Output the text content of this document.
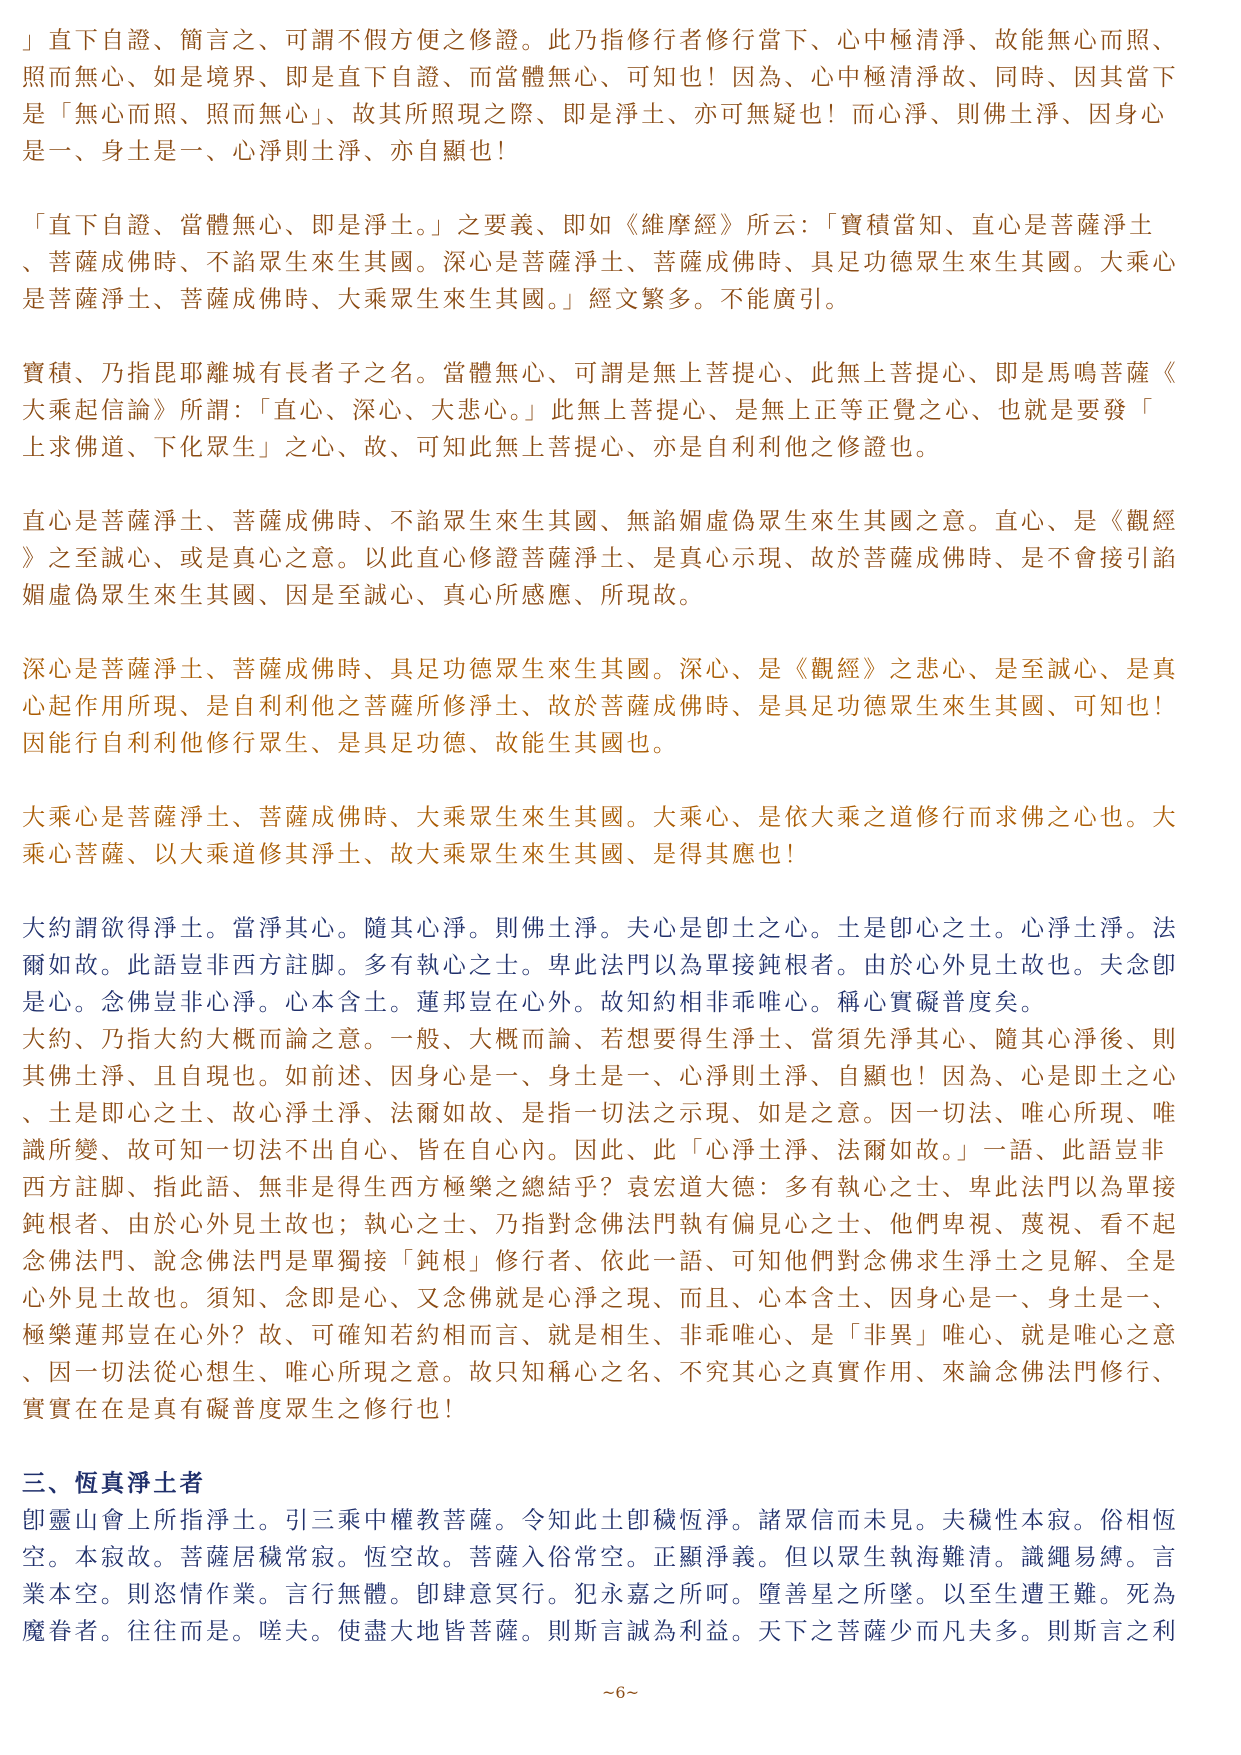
」直下自證、簡言之、可謂不假方便之修證。此乃指修行者修行當下、心中極清淨、故能無心而照、
照而無心、如是境界、即是直下自證、而當體無心、可知也！因為、心中極清淨故、同時、因其當下
是「無心而照、照而無心」、故其所照現之際、即是淨土、亦可無疑也！而心淨、則佛土淨、因身心
是一、身土是一、心淨則土淨、亦自顯也！
「直下自證、當體無心、即是淨土。」之要義、即如《維摩經》所云：「寶積當知、直心是菩薩淨土
、菩薩成佛時、不諂眾生來生其國。深心是菩薩淨土、菩薩成佛時、具足功德眾生來生其國。大乘心
是菩薩淨土、菩薩成佛時、大乘眾生來生其國。」經文繁多。不能廣引。
寶積、乃指毘耶離城有長者子之名。當體無心、可謂是無上菩提心、此無上菩提心、即是馬鳴菩薩《
大乘起信論》所謂：「直心、深心、大悲心。」此無上菩提心、是無上正等正覺之心、也就是要發「
上求佛道、下化眾生」之心、故、可知此無上菩提心、亦是自利利他之修證也。
直心是菩薩淨土、菩薩成佛時、不諂眾生來生其國、無諂媚虛偽眾生來生其國之意。直心、是《觀經
》之至誠心、或是真心之意。以此直心修證菩薩淨土、是真心示現、故於菩薩成佛時、是不會接引諂
媚虛偽眾生來生其國、因是至誠心、真心所感應、所現故。
深心是菩薩淨土、菩薩成佛時、具足功德眾生來生其國。深心、是《觀經》之悲心、是至誠心、是真
心起作用所現、是自利利他之菩薩所修淨土、故於菩薩成佛時、是具足功德眾生來生其國、可知也！
因能行自利利他修行眾生、是具足功德、故能生其國也。
大乘心是菩薩淨土、菩薩成佛時、大乘眾生來生其國。大乘心、是依大乘之道修行而求佛之心也。大
乘心菩薩、以大乘道修其淨土、故大乘眾生來生其國、是得其應也！
大約謂欲得淨土。當淨其心。隨其心淨。則佛土淨。夫心是卽土之心。土是卽心之土。心淨土淨。法
爾如故。此語豈非西方註脚。多有執心之士。卑此法門以為單接鈍根者。由於心外見土故也。夫念卽
是心。念佛豈非心淨。心本含土。蓮邦豈在心外。故知約相非乖唯心。稱心實礙普度矣。
大約、乃指大約大概而論之意。一般、大概而論、若想要得生淨土、當須先淨其心、隨其心淨後、則
其佛土淨、且自現也。如前述、因身心是一、身土是一、心淨則土淨、自顯也！因為、心是即土之心
、土是即心之土、故心淨土淨、法爾如故、是指一切法之示現、如是之意。因一切法、唯心所現、唯
識所變、故可知一切法不出自心、皆在自心內。因此、此「心淨土淨、法爾如故。」一語、此語豈非
西方註脚、指此語、無非是得生西方極樂之總結乎？袁宏道大德：多有執心之士、卑此法門以為單接
鈍根者、由於心外見土故也；執心之士、乃指對念佛法門執有偏見心之士、他們卑視、蔑視、看不起
念佛法門、說念佛法門是單獨接「鈍根」修行者、依此一語、可知他們對念佛求生淨土之見解、全是
心外見土故也。須知、念即是心、又念佛就是心淨之現、而且、心本含土、因身心是一、身土是一、
極樂蓮邦豈在心外？故、可確知若約相而言、就是相生、非乖唯心、是「非異」唯心、就是唯心之意
、因一切法從心想生、唯心所現之意。故只知稱心之名、不究其心之真實作用、來論念佛法門修行、
實實在在是真有礙普度眾生之修行也！
三、恆真淨土者
卽靈山會上所指淨土。引三乘中權教菩薩。令知此土卽穢恆淨。諸眾信而未見。夫穢性本寂。俗相恆
空。本寂故。菩薩居穢常寂。恆空故。菩薩入俗常空。正顯淨義。但以眾生執海難清。識繩易縛。言
業本空。則恣情作業。言行無體。卽肆意冥行。犯永嘉之所呵。墮善星之所墜。以至生遭王難。死為
魔眷者。往往而是。嗟夫。使盡大地皆菩薩。則斯言誠為利益。天下之菩薩少而凡夫多。則斯言之利
~6~
